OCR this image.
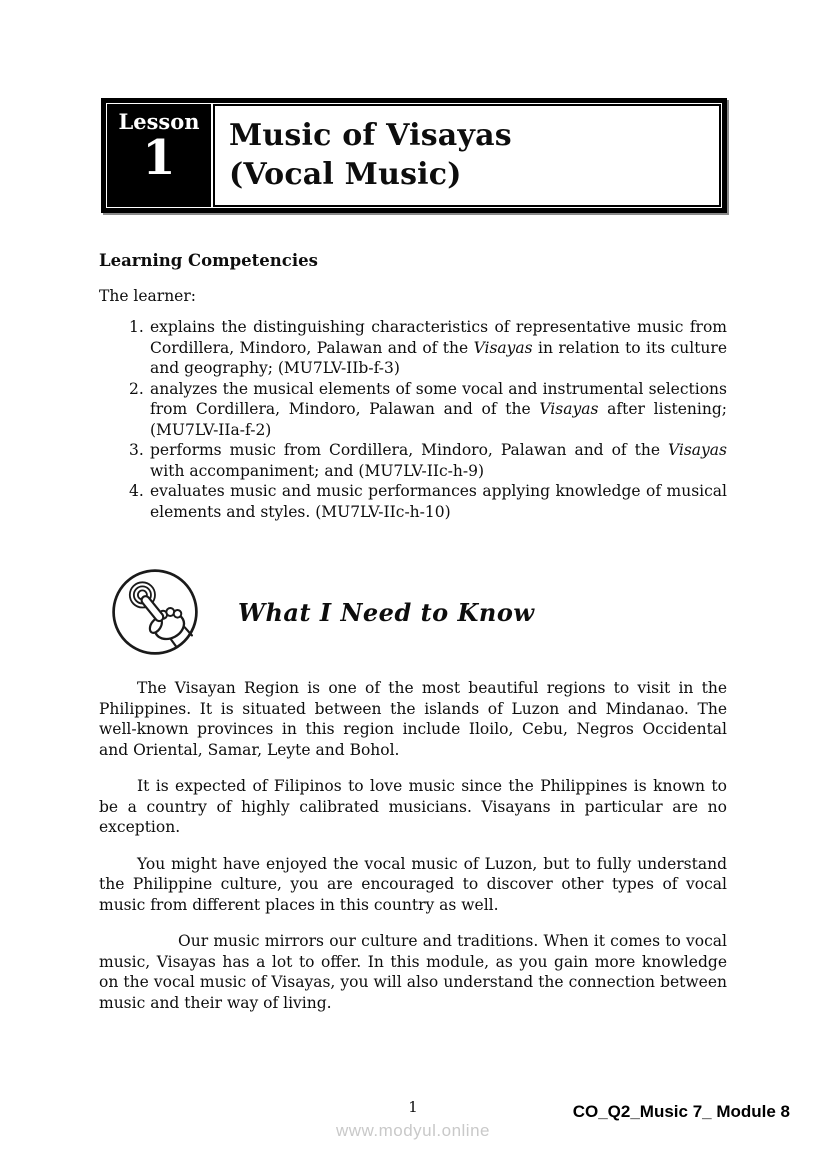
Lesson
1 Music of Visayas
(Vocal Music)
Learning Competencies

The learner:

1. explains the distinguishing characteristics of representative music from Cordillera, Mindoro, Palawan and of the Visayas in relation to its culture and geography; (MU7LV-IIb-f-3)
2. analyzes the musical elements of some vocal and instrumental selections from Cordillera, Mindoro, Palawan and of the Visayas after listening; (MU7LV-IIa-f-2)
3. performs music from Cordillera, Mindoro, Palawan and of the Visayas with accompaniment; and (MU7LV-IIc-h-9)
4. evaluates music and music performances applying knowledge of musical elements and styles. (MU7LV-IIc-h-10)
What I Need to Know

The Visayan Region is one of the most beautiful regions to visit in the Philippines. It is situated between the islands of Luzon and Mindanao. The well-known provinces in this region include Iloilo, Cebu, Negros Occidental and Oriental, Samar, Leyte and Bohol.

It is expected of Filipinos to love music since the Philippines is known to be a country of highly calibrated musicians. Visayans in particular are no exception.

You might have enjoyed the vocal music of Luzon, but to fully understand the Philippine culture, you are encouraged to discover other types of vocal music from different places in this country as well.

Our music mirrors our culture and traditions. When it comes to vocal music, Visayas has a lot to offer. In this module, as you gain more knowledge on the vocal music of Visayas, you will also understand the connection between music and their way of living.

1
www.modyul.online
CO_Q2_Music 7_ Module 8
